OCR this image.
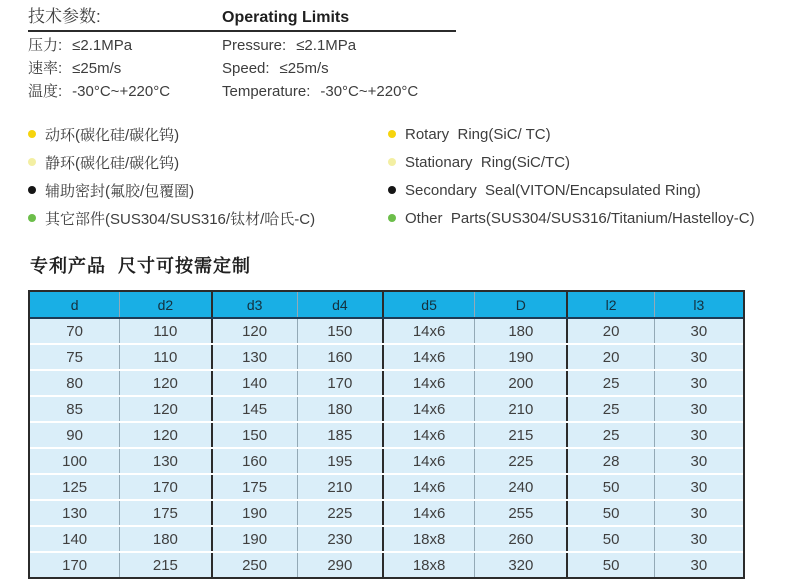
技术参数:	Operating Limits
压力: ≤2.1MPa	Pressure: ≤2.1MPa
速率: ≤25m/s	Speed: ≤25m/s
温度: -30°C~+220°C	Temperature: -30°C~+220°C
动环(碳化硅/碳化钨)	Rotary  Ring(SiC/ TC)
静环(碳化硅/碳化钨)	Stationary  Ring(SiC/TC)
辅助密封(氟胶/包覆圈)	Secondary  Seal(VITON/Encapsulated Ring)
其它部件(SUS304/SUS316/钛材/哈氏-C)	Other  Parts(SUS304/SUS316/Titanium/Hastelloy-C)
专利产品  尺寸可按需定制
d	d2	d3	d4	d5	D	l2	l3
70	110	120	150	14x6	180	20	30
75	110	130	160	14x6	190	20	30
80	120	140	170	14x6	200	25	30
85	120	145	180	14x6	210	25	30
90	120	150	185	14x6	215	25	30
100	130	160	195	14x6	225	28	30
125	170	175	210	14x6	240	50	30
130	175	190	225	14x6	255	50	30
140	180	190	230	18x8	260	50	30
170	215	250	290	18x8	320	50	30
